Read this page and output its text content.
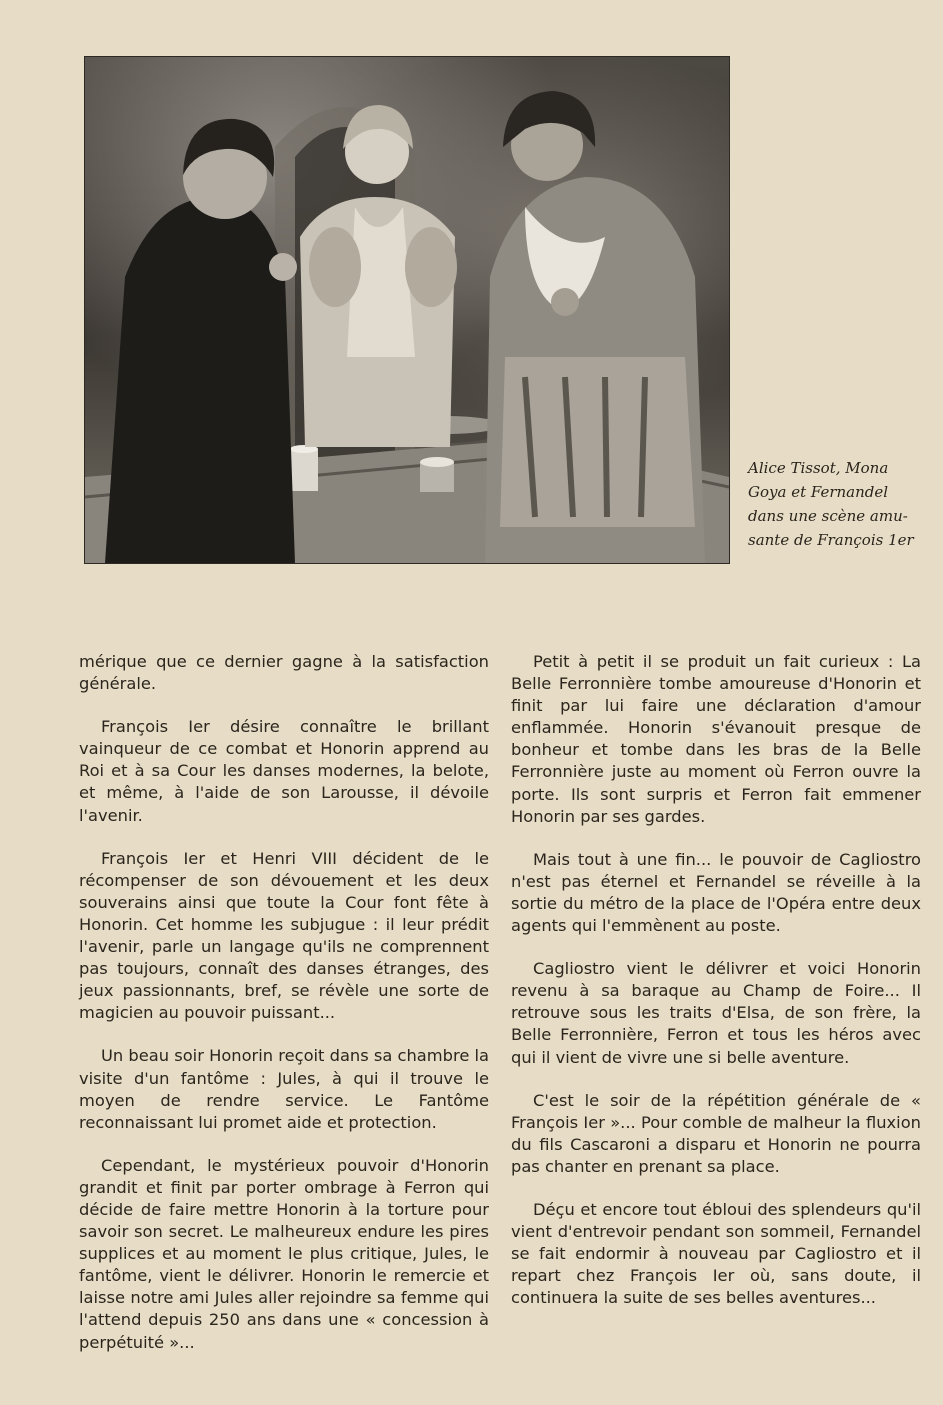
Alice Tissot, Mona
Goya et Fernandel
dans une scène amu-
sante de François 1er

mérique que ce dernier gagne à la satisfaction générale.

François Ier désire connaître le brillant vainqueur de ce combat et Honorin apprend au Roi et à sa Cour les danses modernes, la belote, et même, à l'aide de son Larousse, il dévoile l'avenir.

François Ier et Henri VIII décident de le récompenser de son dévouement et les deux souverains ainsi que toute la Cour font fête à Honorin. Cet homme les subjugue : il leur prédit l'avenir, parle un langage qu'ils ne comprennent pas toujours, connaît des danses étranges, des jeux passionnants, bref, se révèle une sorte de magicien au pouvoir puissant...

Un beau soir Honorin reçoit dans sa chambre la visite d'un fantôme : Jules, à qui il trouve le moyen de rendre service. Le Fantôme reconnaissant lui promet aide et protection.

Cependant, le mystérieux pouvoir d'Honorin grandit et finit par porter ombrage à Ferron qui décide de faire mettre Honorin à la torture pour savoir son secret. Le malheureux endure les pires supplices et au moment le plus critique, Jules, le fantôme, vient le délivrer. Honorin le remercie et laisse notre ami Jules aller rejoindre sa femme qui l'attend depuis 250 ans dans une « concession à perpétuité »...

Petit à petit il se produit un fait curieux : La Belle Ferronnière tombe amoureuse d'Honorin et finit par lui faire une déclaration d'amour enflammée. Honorin s'évanouit presque de bonheur et tombe dans les bras de la Belle Ferronnière juste au moment où Ferron ouvre la porte. Ils sont surpris et Ferron fait emmener Honorin par ses gardes.

Mais tout à une fin... le pouvoir de Cagliostro n'est pas éternel et Fernandel se réveille à la sortie du métro de la place de l'Opéra entre deux agents qui l'emmènent au poste.

Cagliostro vient le délivrer et voici Honorin revenu à sa baraque au Champ de Foire... Il retrouve sous les traits d'Elsa, de son frère, la Belle Ferronnière, Ferron et tous les héros avec qui il vient de vivre une si belle aventure.

C'est le soir de la répétition générale de « François Ier »... Pour comble de malheur la fluxion du fils Cascaroni a disparu et Honorin ne pourra pas chanter en prenant sa place.

Déçu et encore tout ébloui des splendeurs qu'il vient d'entrevoir pendant son sommeil, Fernandel se fait endormir à nouveau par Cagliostro et il repart chez François Ier où, sans doute, il continuera la suite de ses belles aventures...
